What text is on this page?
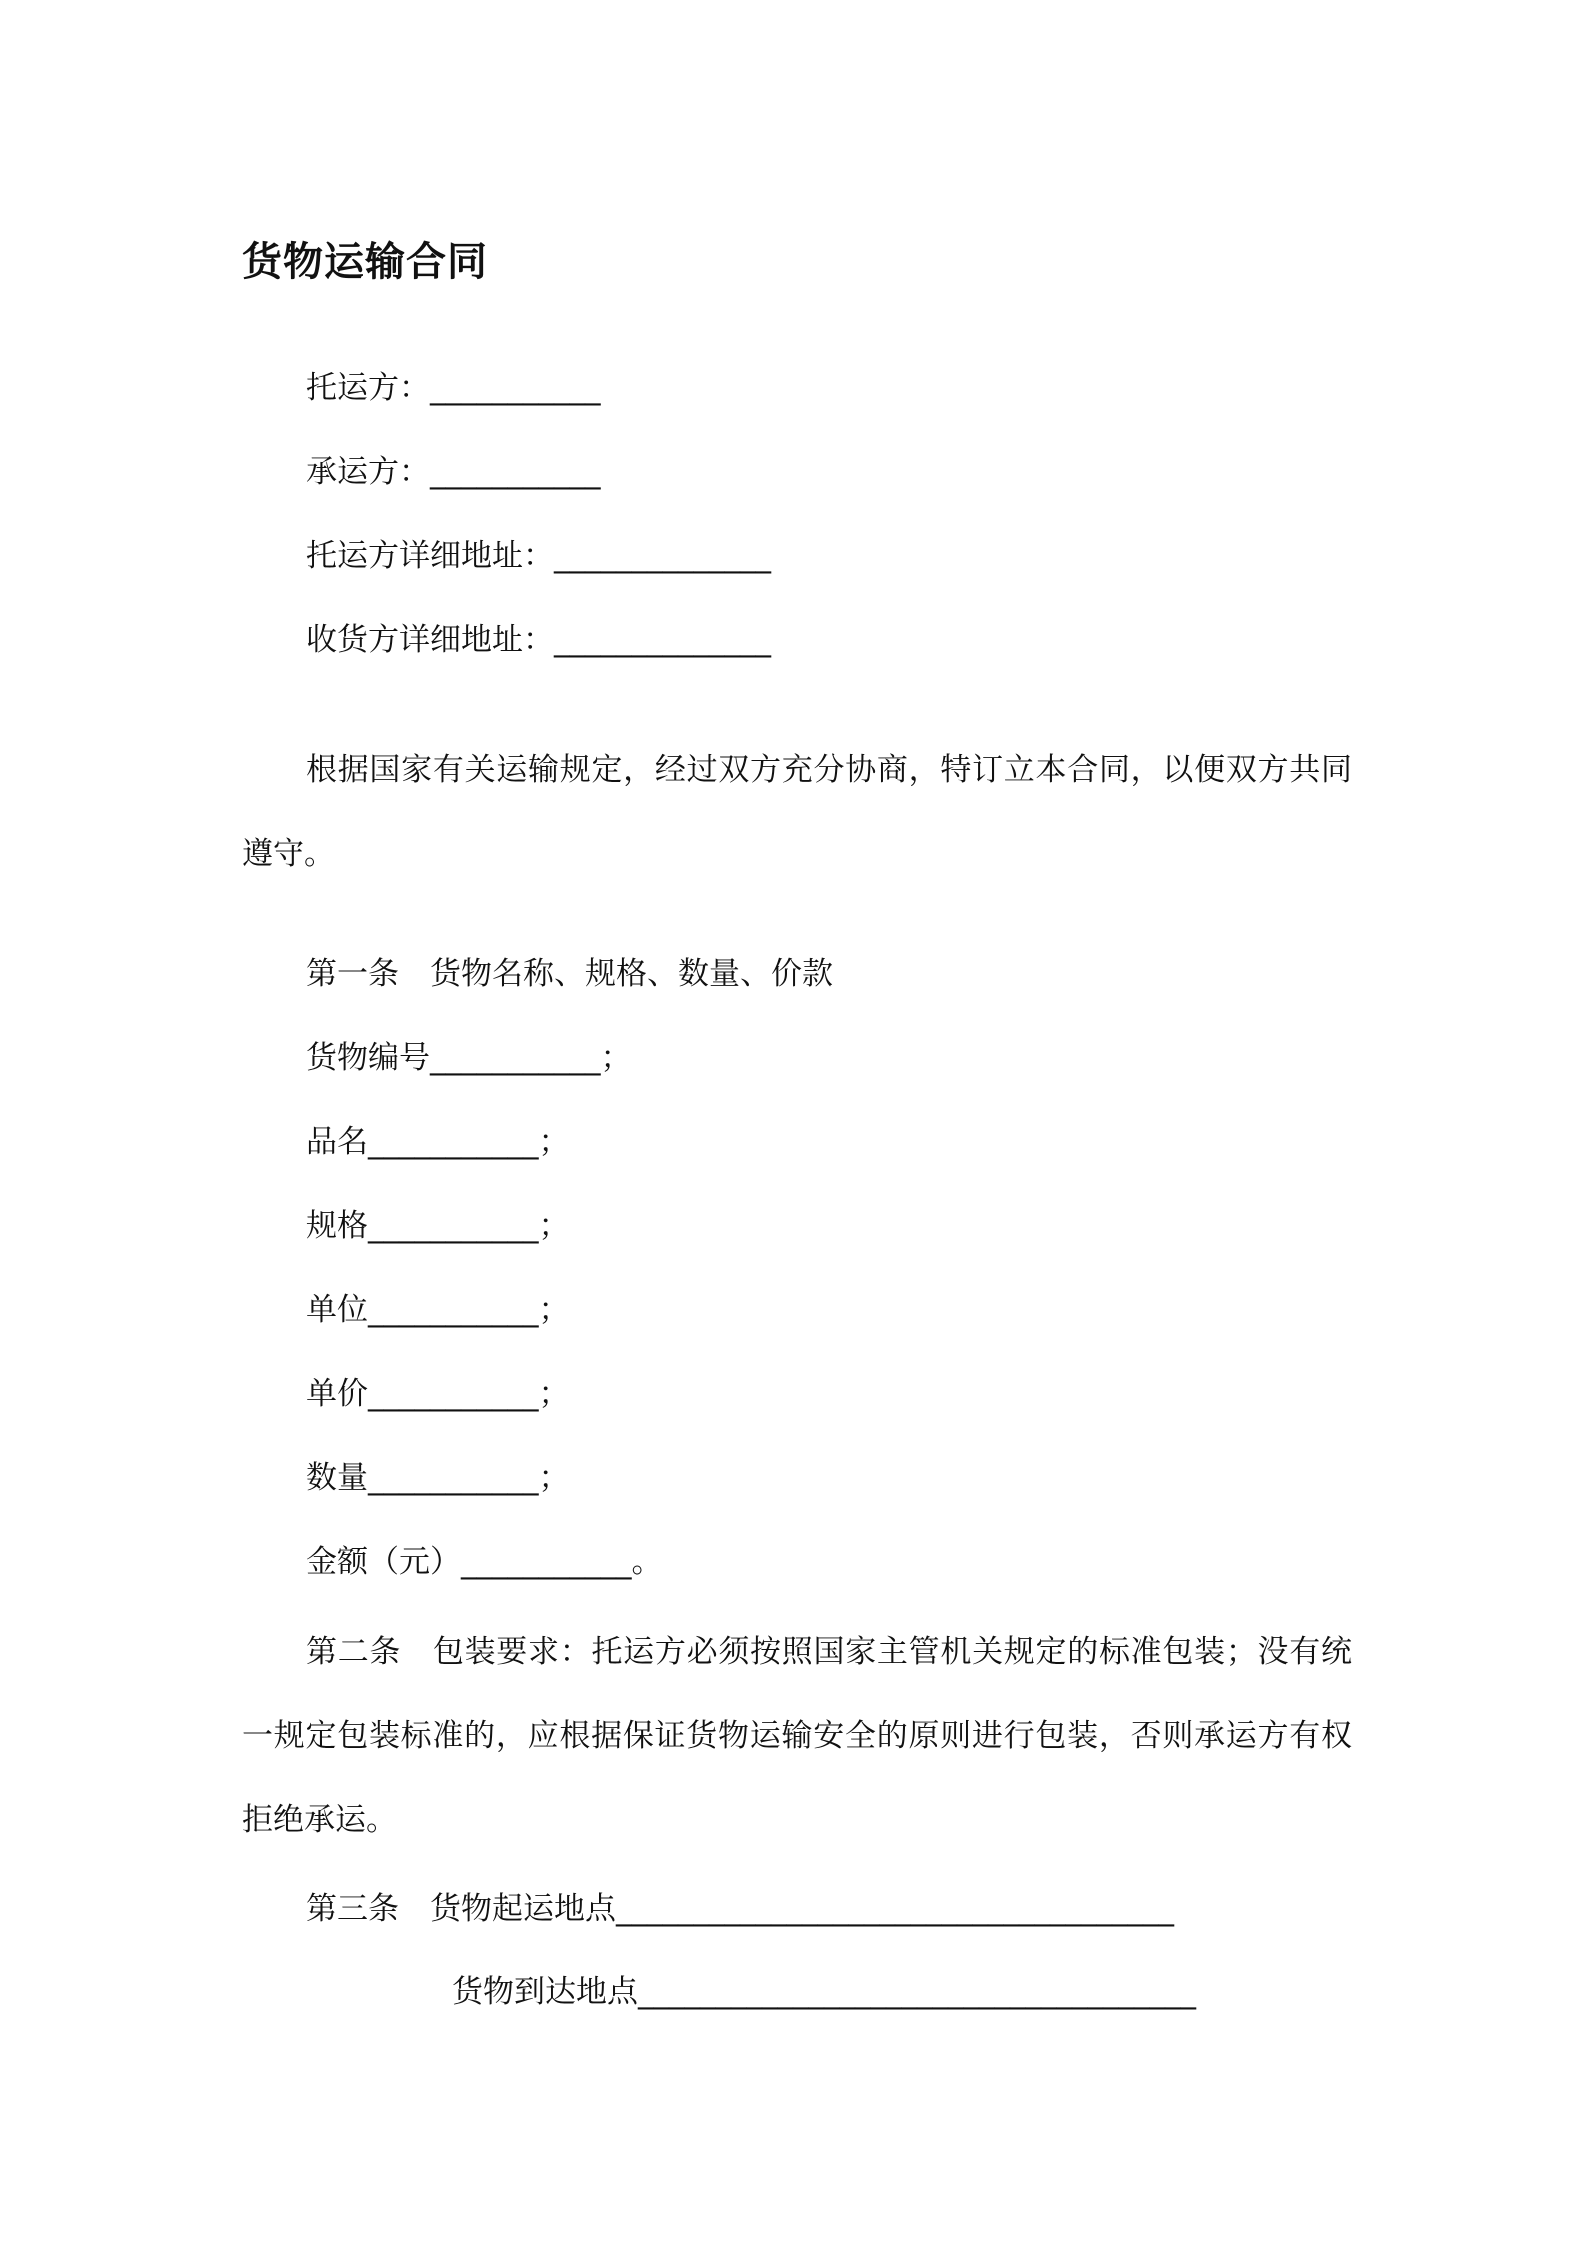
货物运输合同
托运方：___________
承运方：___________
托运方详细地址：______________
收货方详细地址：______________
根据国家有关运输规定，经过双方充分协商，特订立本合同，以便双方共同遵守。
第一条　货物名称、规格、数量、价款
货物编号___________；
品名___________；
规格___________；
单位___________；
单价___________；
数量___________；
金额（元）___________。
第二条　包装要求：托运方必须按照国家主管机关规定的标准包装；没有统一规定包装标准的，应根据保证货物运输安全的原则进行包装，否则承运方有权拒绝承运。
第三条　货物起运地点____________________________________
货物到达地点____________________________________
